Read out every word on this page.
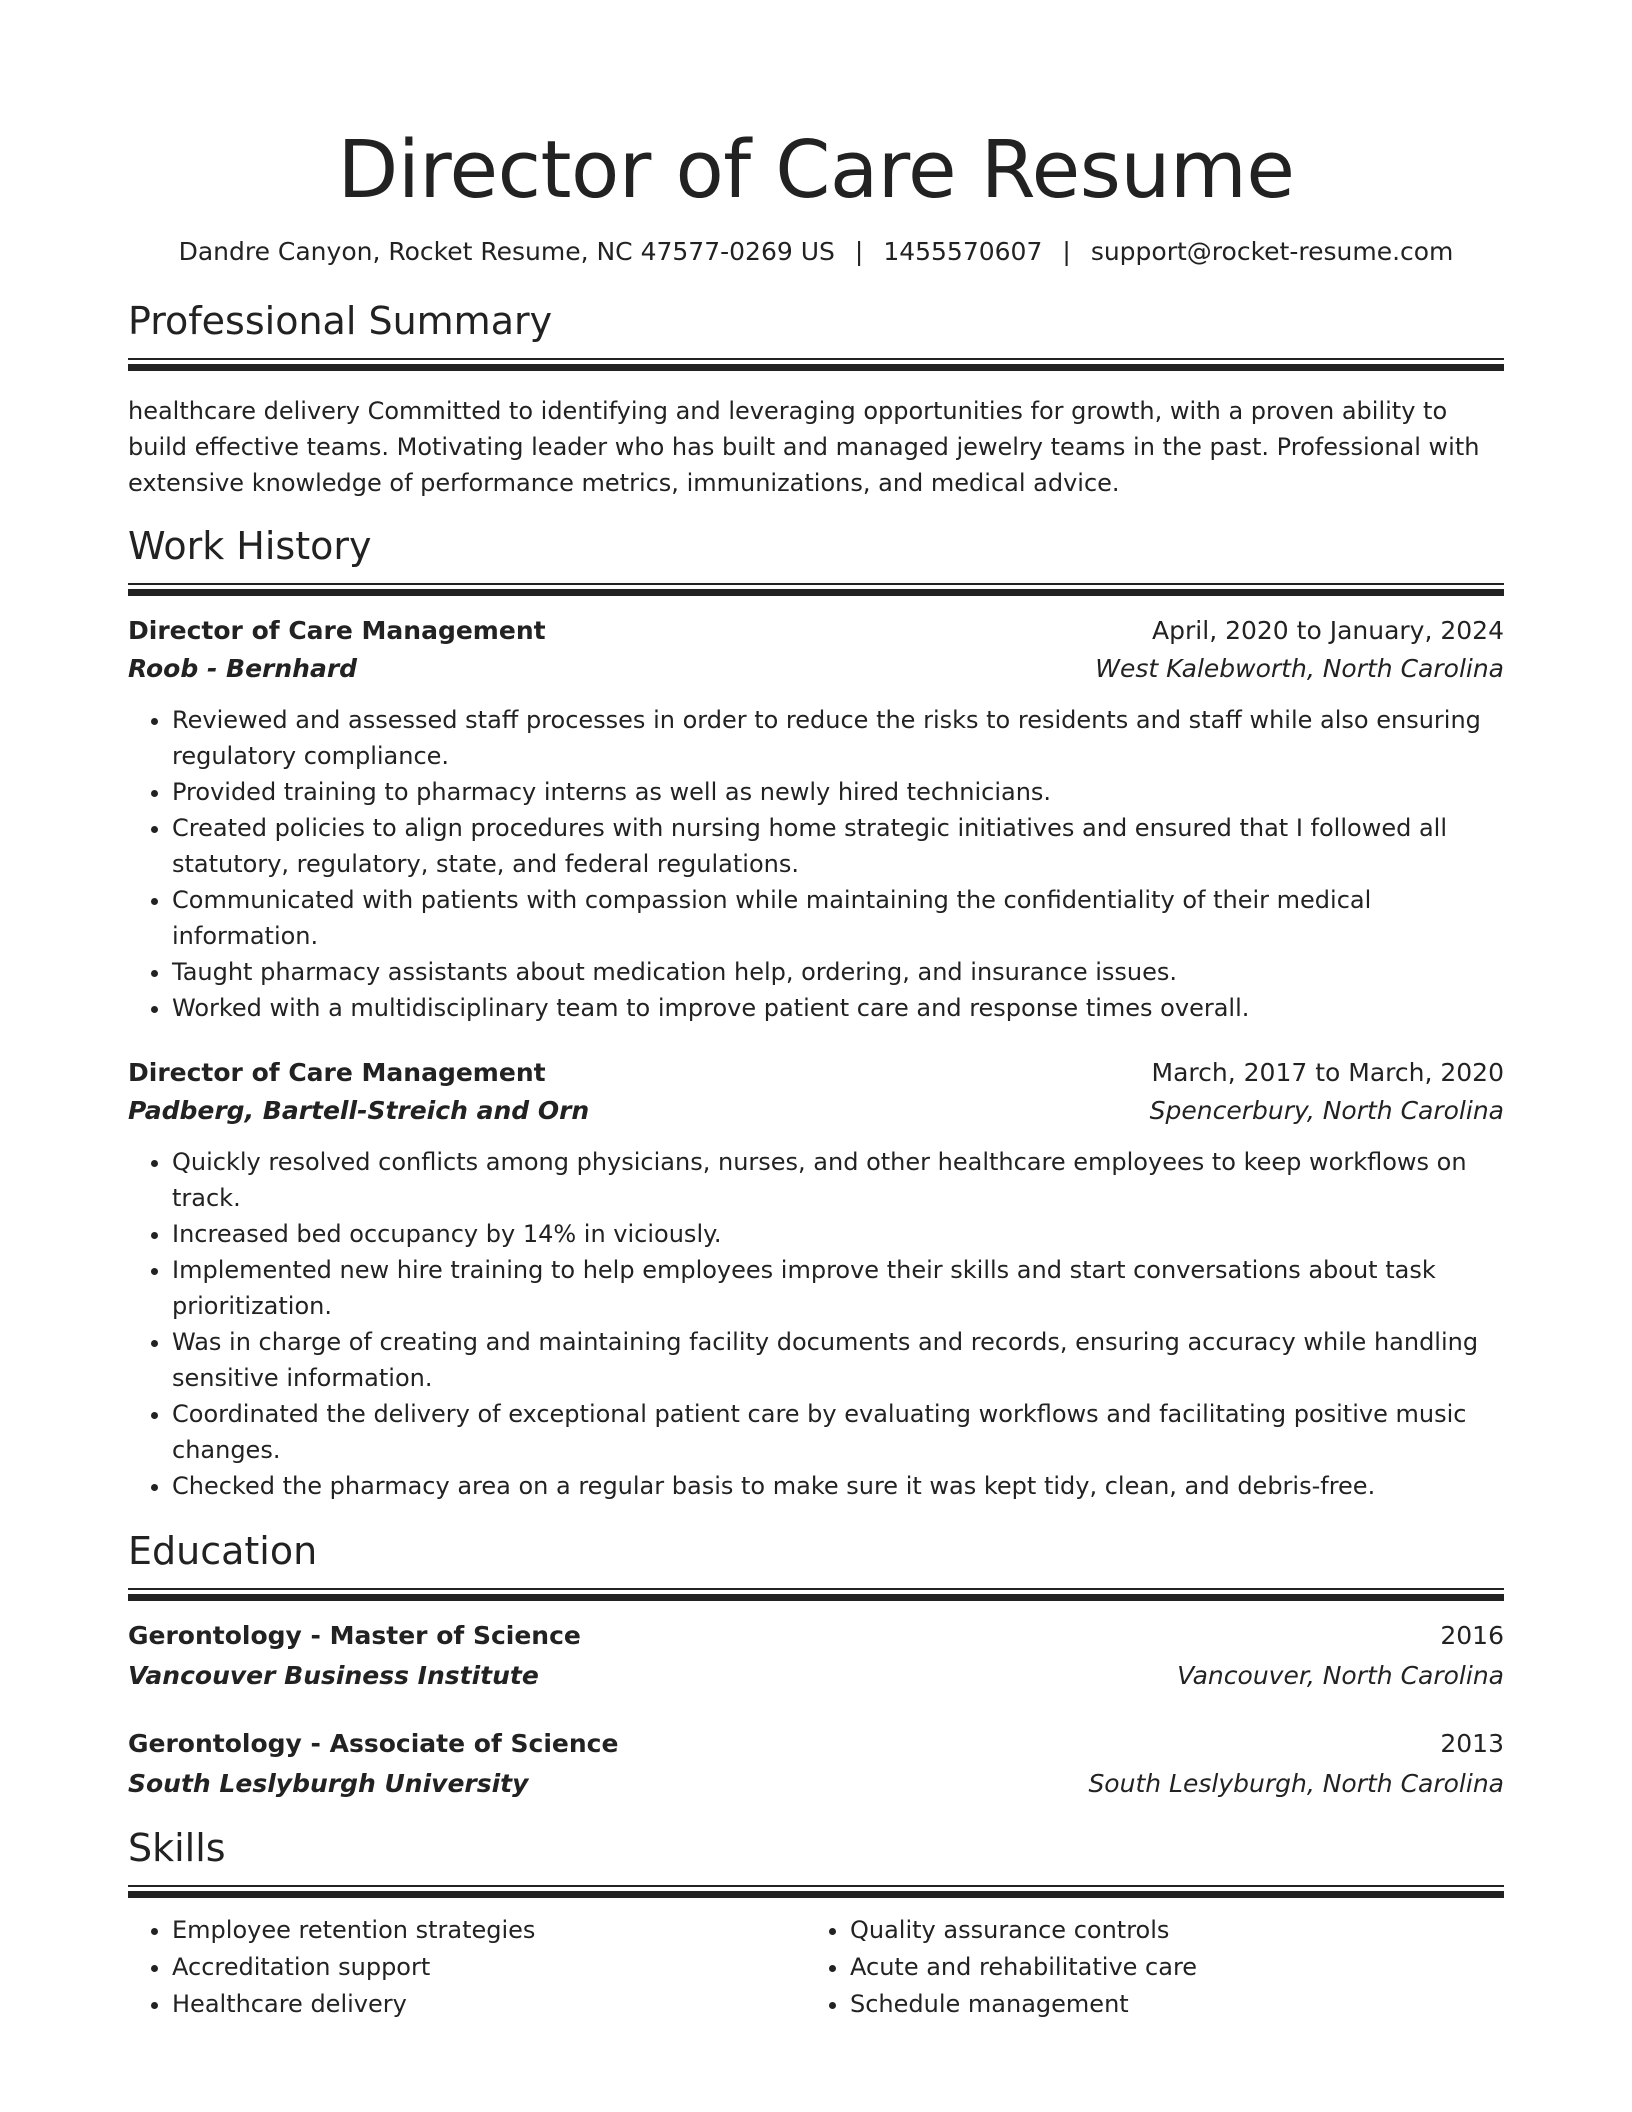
Director of Care Resume
Dandre Canyon, Rocket Resume, NC 47577-0269 US | 1455570607 | support@rocket-resume.com
Professional Summary
healthcare delivery Committed to identifying and leveraging opportunities for growth, with a proven ability to build effective teams. Motivating leader who has built and managed jewelry teams in the past. Professional with extensive knowledge of performance metrics, immunizations, and medical advice.
Work History
Director of Care Management	April, 2020 to January, 2024
Roob - Bernhard	West Kalebworth, North Carolina
• Reviewed and assessed staff processes in order to reduce the risks to residents and staff while also ensuring regulatory compliance.
• Provided training to pharmacy interns as well as newly hired technicians.
• Created policies to align procedures with nursing home strategic initiatives and ensured that I followed all statutory, regulatory, state, and federal regulations.
• Communicated with patients with compassion while maintaining the confidentiality of their medical information.
• Taught pharmacy assistants about medication help, ordering, and insurance issues.
• Worked with a multidisciplinary team to improve patient care and response times overall.
Director of Care Management	March, 2017 to March, 2020
Padberg, Bartell-Streich and Orn	Spencerbury, North Carolina
• Quickly resolved conflicts among physicians, nurses, and other healthcare employees to keep workflows on track.
• Increased bed occupancy by 14% in viciously.
• Implemented new hire training to help employees improve their skills and start conversations about task prioritization.
• Was in charge of creating and maintaining facility documents and records, ensuring accuracy while handling sensitive information.
• Coordinated the delivery of exceptional patient care by evaluating workflows and facilitating positive music changes.
• Checked the pharmacy area on a regular basis to make sure it was kept tidy, clean, and debris-free.
Education
Gerontology - Master of Science	2016
Vancouver Business Institute	Vancouver, North Carolina
Gerontology - Associate of Science	2013
South Leslyburgh University	South Leslyburgh, North Carolina
Skills
• Employee retention strategies
• Accreditation support
• Healthcare delivery
• Quality assurance controls
• Acute and rehabilitative care
• Schedule management
